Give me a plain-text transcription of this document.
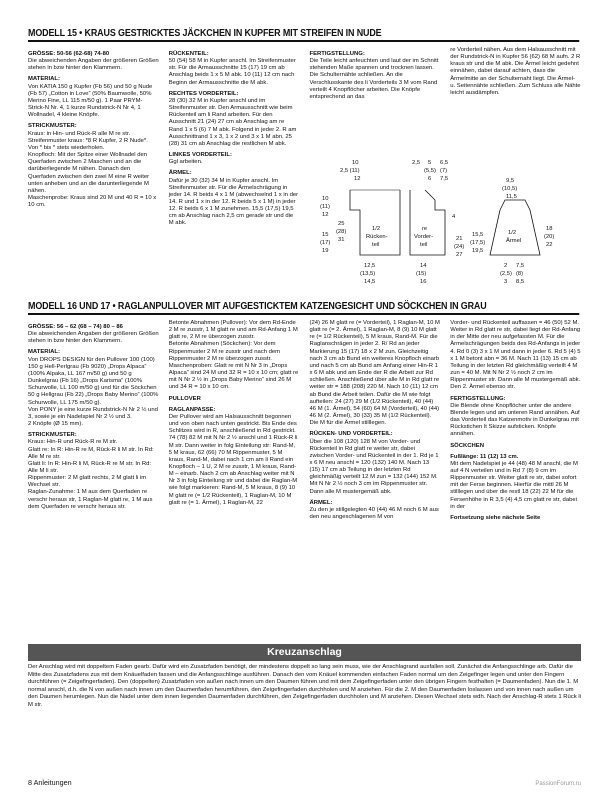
MODELL 15 • KRAUS GESTRICKTES JÄCKCHEN IN KUPFER MIT STREIFEN IN NUDE

GRÖSSE: 50-56 (62-68) 74-80

Die abweichenden Angaben der größeren Größen stehen in bzw hinter den Klammern.

MATERIAL:

Von KATIA 150 g Kupfer (Fb 56) und 50 g Nude (Fb 57) „Cotton in Love“ (50% Baumwolle, 50% Merino Fine, LL 115 m/50 g). 1 Paar PRYM-Strick-N Nr. 4, 1 kurze Rundstrick-N Nr 4, 1 Wollnadel, 4 kleine Knöpfe.

STRICKMUSTER:

Kraus: in Hin- und Rück-R alle M re str.

Streifenmuster kraus: *8 R Kupfer, 2 R Nude*. Von * bis * stets wiederholen.

Knopfloch: Mit der Spitze einer Wollnadel den Querfaden zwischen 2 Maschen und an die darüberliegende M nähen. Danach den Querfaden zwischen den zwei M eine R weiter unten anheben und an die darunterliegende M nähen.

Maschenprobe: Kraus sind 20 M und 40 R = 10 x 10 cm.

RÜCKENTEIL:

50 (54) 58 M in Kupfer anschl. Im Streifenmuster str. Für die Armausschnitte 15 (17) 19 cm ab Anschlag beids 1 x 5 M abk. 10 (11) 12 cm nach Beginn der Armausschnitte die M abk.

RECHTES VORDERTEIL:

28 (30) 32 M in Kupfer anschl und im Streifenmuster str. Den Armausschnitt wie beim Rückenteil am li Rand arbeiten. Für den Ausschnitt 21 (24) 27 cm ab Anschlag am re Rand 1 x 5 (6) 7 M abk. Folgend in jeder 2. R am Ausschnittrand 1 x 3, 1 x 2 und 3 x 1 M abn. 25 (28) 31 cm ab Anschlag die restlichen M abk.

LINKES VORDERTEIL:

Ggl arbeiten.

ÄRMEL:

Dafür je 30 (32) 34 M in Kupfer anschl. Im Streifenmuster str. Für die Ärmelschrägung in jeder 14. R beids 4 x 1 M (abwechselnd 1 x in der 14. R und 1 x in der 12. R beids 5 x 1 M) in jeder 12. R beids 6 x 1 M zunehmen. 15,5 (17,5) 19,5 cm ab Anschlag nach 2,5 cm gerade str und die M abk.

FERTIGSTELLUNG:

Die Teile leicht anfeuchten und laut der im Schnitt stehenden Maße spannen und trocknen lassen. Die Schulternähte schließen. An die Verschlusskante des li Vorderteils 3 M vom Rand verteilt 4 Knopflöcher arbeiten. Die Knöpfe entsprechend an das

re Vorderteil nähen. Aus dem Halsausschnitt mit der Rundstrick-N in Kupfer 56 (62) 68 M aufn. 2 R kraus str und die M abk. Die Ärmel leicht gedehnt einnähen, dabei darauf achten, dass die Ärmelmitte an der Schulternaht liegt. Die Ärmel- u. Seitennähte schließen. Zum Schluss alle Nähte leicht ausdämpfen.

1/2
Rücken-
teil
10
2,5 (11)
12
10
(11)
12
15
(17)
19
12,5
(13,5)
14,5
25
(28)
31
re
Vorder-
teil
2,5 5 6,5
(5,5) (7)
6 7,5
14
(15)
16
4
21
(24)
27
1/2
Ärmel
9,5
(10,5)
11,5
15,5
(17,5)
19,5
18
(20)
22
2 7,5
(2,5) (8)
3 8,5
MODELL 16 UND 17 • RAGLANPULLOVER MIT AUFGESTICKTEM KATZENGESICHT UND SÖCKCHEN IN GRAU

GRÖSSE: 56 – 62 (68 – 74) 80 – 86

Die abweichenden Angaben der größeren Größen stehen in bzw hinter den Klammern.

MATERIAL:

Von DROPS DESIGN für den Pullover 100 (100) 150 g Hell-Perlgrau (Fb 9020) „Drops Alpaca“ (100% Alpaka, LL 167 m/50 g) und 50 g Dunkelgrau (Fb 16) „Drops Karisma“ (100% Schurwolle, LL 100 m/50 g) und für die Söckchen 50 g Hellgrau (Fb 22) „Drops Baby Merino“ (100% Schurwolle, LL 175 m/50 g).

Von PONY je eine kurze Rundstrick-N Nr 2 ½ und 3, sowie je ein Nadelspiel Nr 2 ½ und 3.

2 Knöpfe (Ø 15 mm).

STRICKMUSTER:

Kraus: Hin-R und Rück-R re M str.

Glatt re: In R: Hin-R re M, Rück-R li M str. In Rd: Alle M re str.

Glatt li: In R: Hin-R li M, Rück-R re M str. In Rd: Alle M li str.

Rippenmuster: 2 M glatt rechts, 2 M glatt li im Wechsel str.

Raglan-Zunahme: 1 M aus dem Querfaden re verschr heraus str, 1 Raglan-M glatt re, 1 M aus dem Querfaden re verschr heraus str.

Betonte Abnahmen (Pullover): Vor dem Rd-Ende 2 M re zusstr, 1 M glatt re und am Rd-Anfang 1 M glatt re, 2 M re überzogen zusstr.

Betonte Abnahmen (Söckchen): Vor dem Rippenmuster 2 M re zusstr und nach dem Rippenmuster 2 M re überzogen zusstr.

Maschenproben: Glatt re mit N Nr 3 in „Drops Alpaca“ sind 24 M und 32 R = 10 x 10 cm; glatt re mit N Nr 2 ½ in „Drops Baby Merino“ sind 26 M und 34 R = 10 x 10 cm.

PULLOVER

RAGLANPASSE:

Der Pullover wird am Halsausschnitt begonnen und von oben nach unten gestrickt. Bis Ende des Schlitzes wird in R, anschließend in Rd gestrickt.

74 (78) 82 M mit N Nr 2 ½ anschl und 1 Rück-R li M str. Dann weiter in folg Einteilung str: Rand-M, 5 M kraus, 62 (66) 70 M Rippenmuster, 5 M kraus, Rand-M, dabei nach 1 cm am li Rand ein Knopfloch – 1 U, 2 M re zusstr, 1 M kraus, Rand-M – einarb. Nach 2 cm ab Anschlag weiter mit N Nr 3 in folg Einteilung str und dabei die Raglan-M wie folgt markieren: Rand-M, 5 M kraus, 8 (9) 10 M glatt re (= 1/2 Rückenteil), 1 Raglan-M, 10 M glatt re (= 1. Ärmel), 1 Raglan-M, 22

(24) 26 M glatt re (= Vorderteil), 1 Raglan-M, 10 M glatt re (= 2. Ärmel), 1 Raglan-M, 8 (9) 10 M glatt re (= 1/2 Rückenteil), 5 M kraus, Rand-M. Für die Raglanschrägen in jeder 2. R/ Rd an jeder Markierung 15 (17) 18 x 2 M zun. Gleichzeitig nach 3 cm ab Bund ein weiteres Knopfloch einarb und nach 5 cm ab Bund am Anfang einer Hin-R 1 x 6 M abk und am Ende der R die Arbeit zur Rd schließen. Anschließend über alle M in Rd glatt re weiter str = 188 (208) 220 M. Nach 10 (11) 12 cm ab Bund die Arbeit teilen. Dafür die M wie folgt aufteilen: 24 (27) 29 M (1/2 Rückenteil), 40 (44) 46 M (1. Ärmel), 54 (60) 64 M (Vorderteil), 40 (44) 46 M (2. Ärmel), 30 (33) 35 M (1/2 Rückenteil). Die M für die Ärmel stilllegen.

RÜCKEN- UND VORDERTEIL:

Über die 108 (120) 128 M von Vorder- und Rückenteil in Rd glatt re weiter str, dabei zwischen Vorder- und Rückenteil in der 1. Rd je 1 x 6 M neu anschl = 120 (132) 140 M. Nach 13 (15) 17 cm ab Teilung in der letzten Rd gleichmäßig verteilt 12 M zun = 132 (144) 152 M. Mit N Nr 2 ½ noch 3 cm im Rippenmuster str. Dann alle M mustergemäß abk.

ÄRMEL:

Zu den je stillgelegten 40 (44) 46 M noch 6 M aus den neu angeschlagenen M von

Vorder- und Rückenteil auffassen = 46 (50) 52 M. Weiter in Rd glatt re str, dabei liegt der Rd-Anfang in der Mitte der neu aufgefassten M. Für die Ärmelschrägungen beids des Rd-Anfangs in jeder 4. Rd 0 (3) 3 x 1 M und dann in jeder 6. Rd 5 (4) 5 x 1 M betont abn = 36 M. Nach 11 (13) 15 cm ab Teilung in der letzten Rd gleichmäßig verteilt 4 M zun = 40 M. Mit N Nr 2 ½ noch 2 cm im Rippenmuster str. Dann alle M mustergemäß abk.

Den 2. Ärmel ebenso str.

FERTIGSTELLUNG:

Die Blende ohne Knopflöcher unter die andere Blende legen und am unteren Rand annähen. Auf das Vorderteil das Katzenmotiv in Dunkelgrau mit Rückstichen lt Skizze aufsticken. Knöpfe annähen.

SÖCKCHEN

Fußlänge: 11 (12) 13 cm.

Mit dem Nadelspiel je 44 (48) 48 M anschl, die M auf 4 N verteilen und in Rd 7 (8) 9 cm im Rippenmuster str. Weiter glatt re str, dabei sofort mit der Ferse beginnen. Hierfür die mittl 26 M stilllegen und über die restl 18 (22) 22 M für die Fersenhöhe in R 3,5 (4) 4,5 cm glatt re str, dabei in der

Fortsetzung siehe nächste Seite

Kreuzanschlag
Der Anschlag wird mit doppeltem Faden gearb. Dafür wird ein Zusatzfaden benötigt, der mindestens doppelt so lang sein muss, wie der Anschlagrand ausfallen soll. Zunächst die Anfangsschlinge arb. Dafür die Mitte des Zusatzfadens zus mit dem Knäuelfaden fassen und die Anfangsschlinge ausführen. Danach den vom Knäuel kommenden einfachen Faden normal um den Zeigefinger legen und unter den Fingern durchführen (= Zeigefingerfaden). Den (doppelten) Zusatzfaden von außen nach innen um den Daumen führen und mit dem Zeigefingerfaden unter den übrigen Fingern festhalten (= Daumenfaden). Nun die 1. M normal anschl, d.h. die N von außen nach innen um den Daumenfaden herumführen, den Zeigefingerfaden durchholen und M anziehen. Für die 2. M den Daumenfaden loslassen und von innen nach außen um den Daumen herumlegen. Nun die Nadel unter dem innen liegenden Daumenfaden durchführen, den Zeigefingerfaden durchholen und M anziehen. Diesen Wechsel stets wdh. Nach der Anschlag-R stets 1 Rück li M str.
8 Anleitungen	PassionForum.ru
